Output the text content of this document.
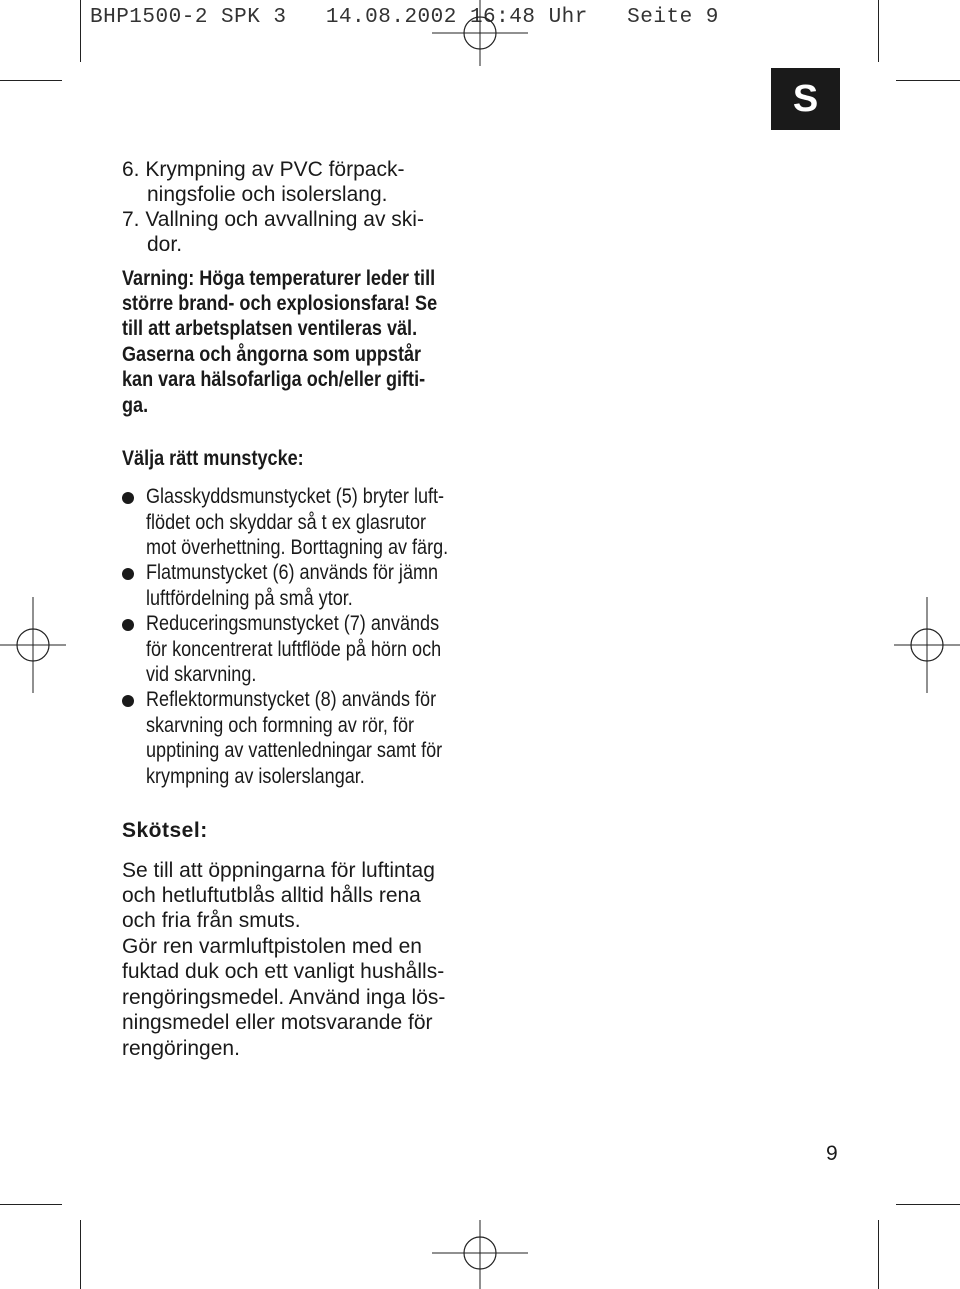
BHP1500-2 SPK 3   14.08.2002 16:48 Uhr   Seite 9
S
6. Krympning av PVC förpack-
ningsfolie och isolerslang.
7. Vallning och avvallning av ski-
dor.
Varning: Höga temperaturer leder till
större brand- och explosionsfara! Se
till att arbetsplatsen ventileras väl.
Gaserna och ångorna som uppstår
kan vara hälsofarliga och/eller gifti-
ga.
Välja rätt munstycke:
Glasskyddsmunstycket (5) bryter luft-
flödet och skyddar så t ex glasrutor
mot överhettning. Borttagning av färg.
Flatmunstycket (6) används för jämn
luftfördelning på små ytor.
Reduceringsmunstycket (7) används
för koncentrerat luftflöde på hörn och
vid skarvning.
Reflektormunstycket (8) används för
skarvning och formning av rör, för
upptining av vattenledningar samt för
krympning av isolerslangar.
Skötsel:
Se till att öppningarna för luftintag
och hetluftutblås alltid hålls rena
och fria från smuts.
Gör ren varmluftpistolen med en
fuktad duk och ett vanligt hushålls-
rengöringsmedel. Använd inga lös-
ningsmedel eller motsvarande för
rengöringen.
9
